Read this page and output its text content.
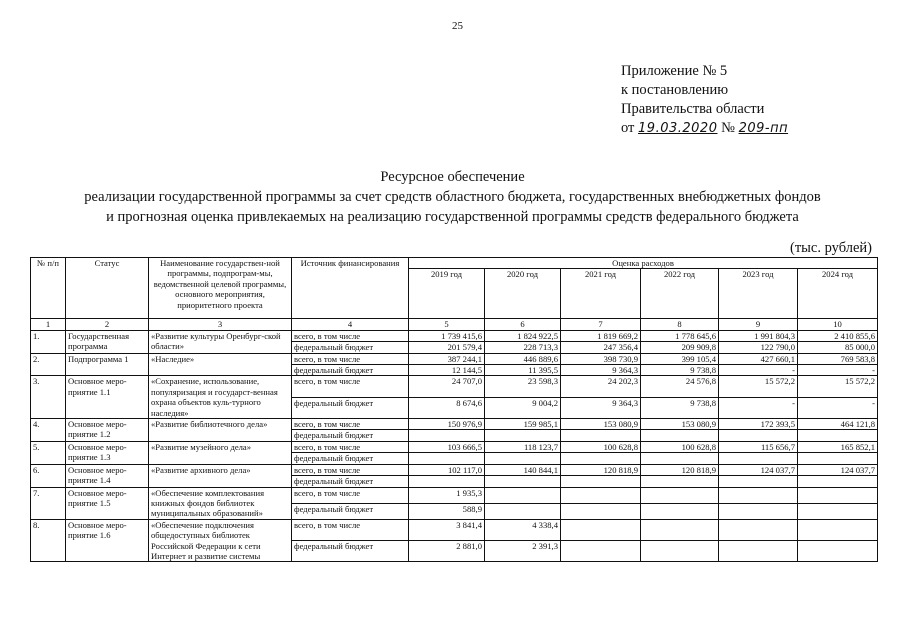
25
Приложение № 5
к постановлению
Правительства области
от 19.03.2020 № 209-пп
Ресурсное обеспечение
реализации государственной программы за счет средств областного бюджета, государственных внебюджетных фондов
и прогнозная оценка привлекаемых на реализацию государственной программы средств федерального бюджета
(тыс. рублей)
№ п/п	Статус	Наименование государствен-ной программы, подпрограм-мы, ведомственной целевой программы, основного мероприятия, приоритетного проекта	Источник финансирования	Оценка расходов					
				2019 год	2020 год	2021 год	2022 год	2023 год	2024 год
1	2	3	4	5	6	7	8	9	10
1.	Государственная программа	«Развитие культуры Оренбург-ской области»	всего, в том числе	1 739 415,6	1 824 922,5	1 819 669,2	1 778 645,6	1 991 804,3	2 410 855,6
			федеральный бюджет	201 579,4	228 713,3	247 356,4	209 909,8	122 790,0	85 000,0
2.	Подпрограмма 1	«Наследие»	всего, в том числе	387 244,1	446 889,6	398 730,9	399 105,4	427 660,1	769 583,8
			федеральный бюджет	12 144,5	11 395,5	9 364,3	9 738,8	-	-
3.	Основное меро-приятие 1.1	«Сохранение, использование, популяризация и государст-венная охрана объектов куль-турного наследия»	всего, в том числе	24 707,0	23 598,3	24 202,3	24 576,8	15 572,2	15 572,2
			федеральный бюджет	8 674,6	9 004,2	9 364,3	9 738,8	-	-
4.	Основное меро-приятие 1.2	«Развитие библиотечного дела»	всего, в том числе	150 976,9	159 985,1	153 080,9	153 080,9	172 393,5	464 121,8
			федеральный бюджет						
5.	Основное меро-приятие 1.3	«Развитие музейного дела»	всего, в том числе	103 666,5	118 123,7	100 628,8	100 628,8	115 656,7	165 852,1
			федеральный бюджет						
6.	Основное меро-приятие 1.4	«Развитие архивного дела»	всего, в том числе	102 117,0	140 844,1	120 818,9	120 818,9	124 037,7	124 037,7
			федеральный бюджет						
7.	Основное меро-приятие 1.5	«Обеспечение комплектования книжных фондов библиотек муниципальных образований»	всего, в том числе	1 935,3					
			федеральный бюджет	588,9					
8.	Основное меро-приятие 1.6	«Обеспечение подключения общедоступных библиотек Российской Федерации к сети Интернет и развитие системы	всего, в том числе	3 841,4	4 338,4				
			федеральный бюджет	2 881,0	2 391,3				
